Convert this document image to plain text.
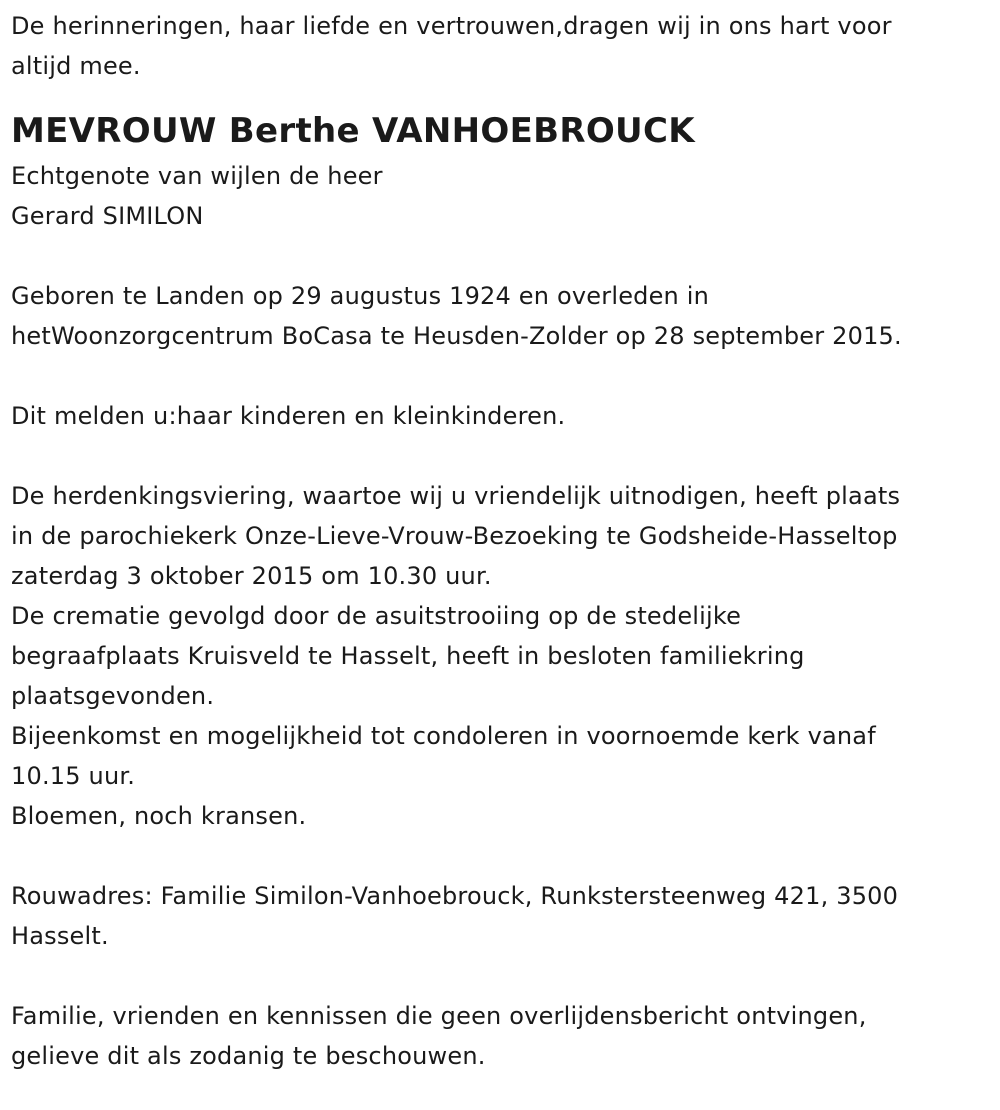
De herinneringen, haar liefde en vertrouwen,dragen wij in ons hart voor
altijd mee.
MEVROUW Berthe VANHOEBROUCK
Echtgenote van wijlen de heer
Gerard SIMILON
Geboren te Landen op 29 augustus 1924 en overleden in
hetWoonzorgcentrum BoCasa te Heusden-Zolder op 28 september 2015.
Dit melden u:haar kinderen en kleinkinderen.
De herdenkingsviering, waartoe wij u vriendelijk uitnodigen, heeft plaats
in de parochiekerk Onze-Lieve-Vrouw-Bezoeking te Godsheide-Hasseltop
zaterdag 3 oktober 2015 om 10.30 uur.
De crematie gevolgd door de asuitstrooiing op de stedelijke
begraafplaats Kruisveld te Hasselt, heeft in besloten familiekring
plaatsgevonden.
Bijeenkomst en mogelijkheid tot condoleren in voornoemde kerk vanaf
10.15 uur.
Bloemen, noch kransen.
Rouwadres: Familie Similon-Vanhoebrouck, Runkstersteenweg 421, 3500
Hasselt.
Familie, vrienden en kennissen die geen overlijdensbericht ontvingen,
gelieve dit als zodanig te beschouwen.
